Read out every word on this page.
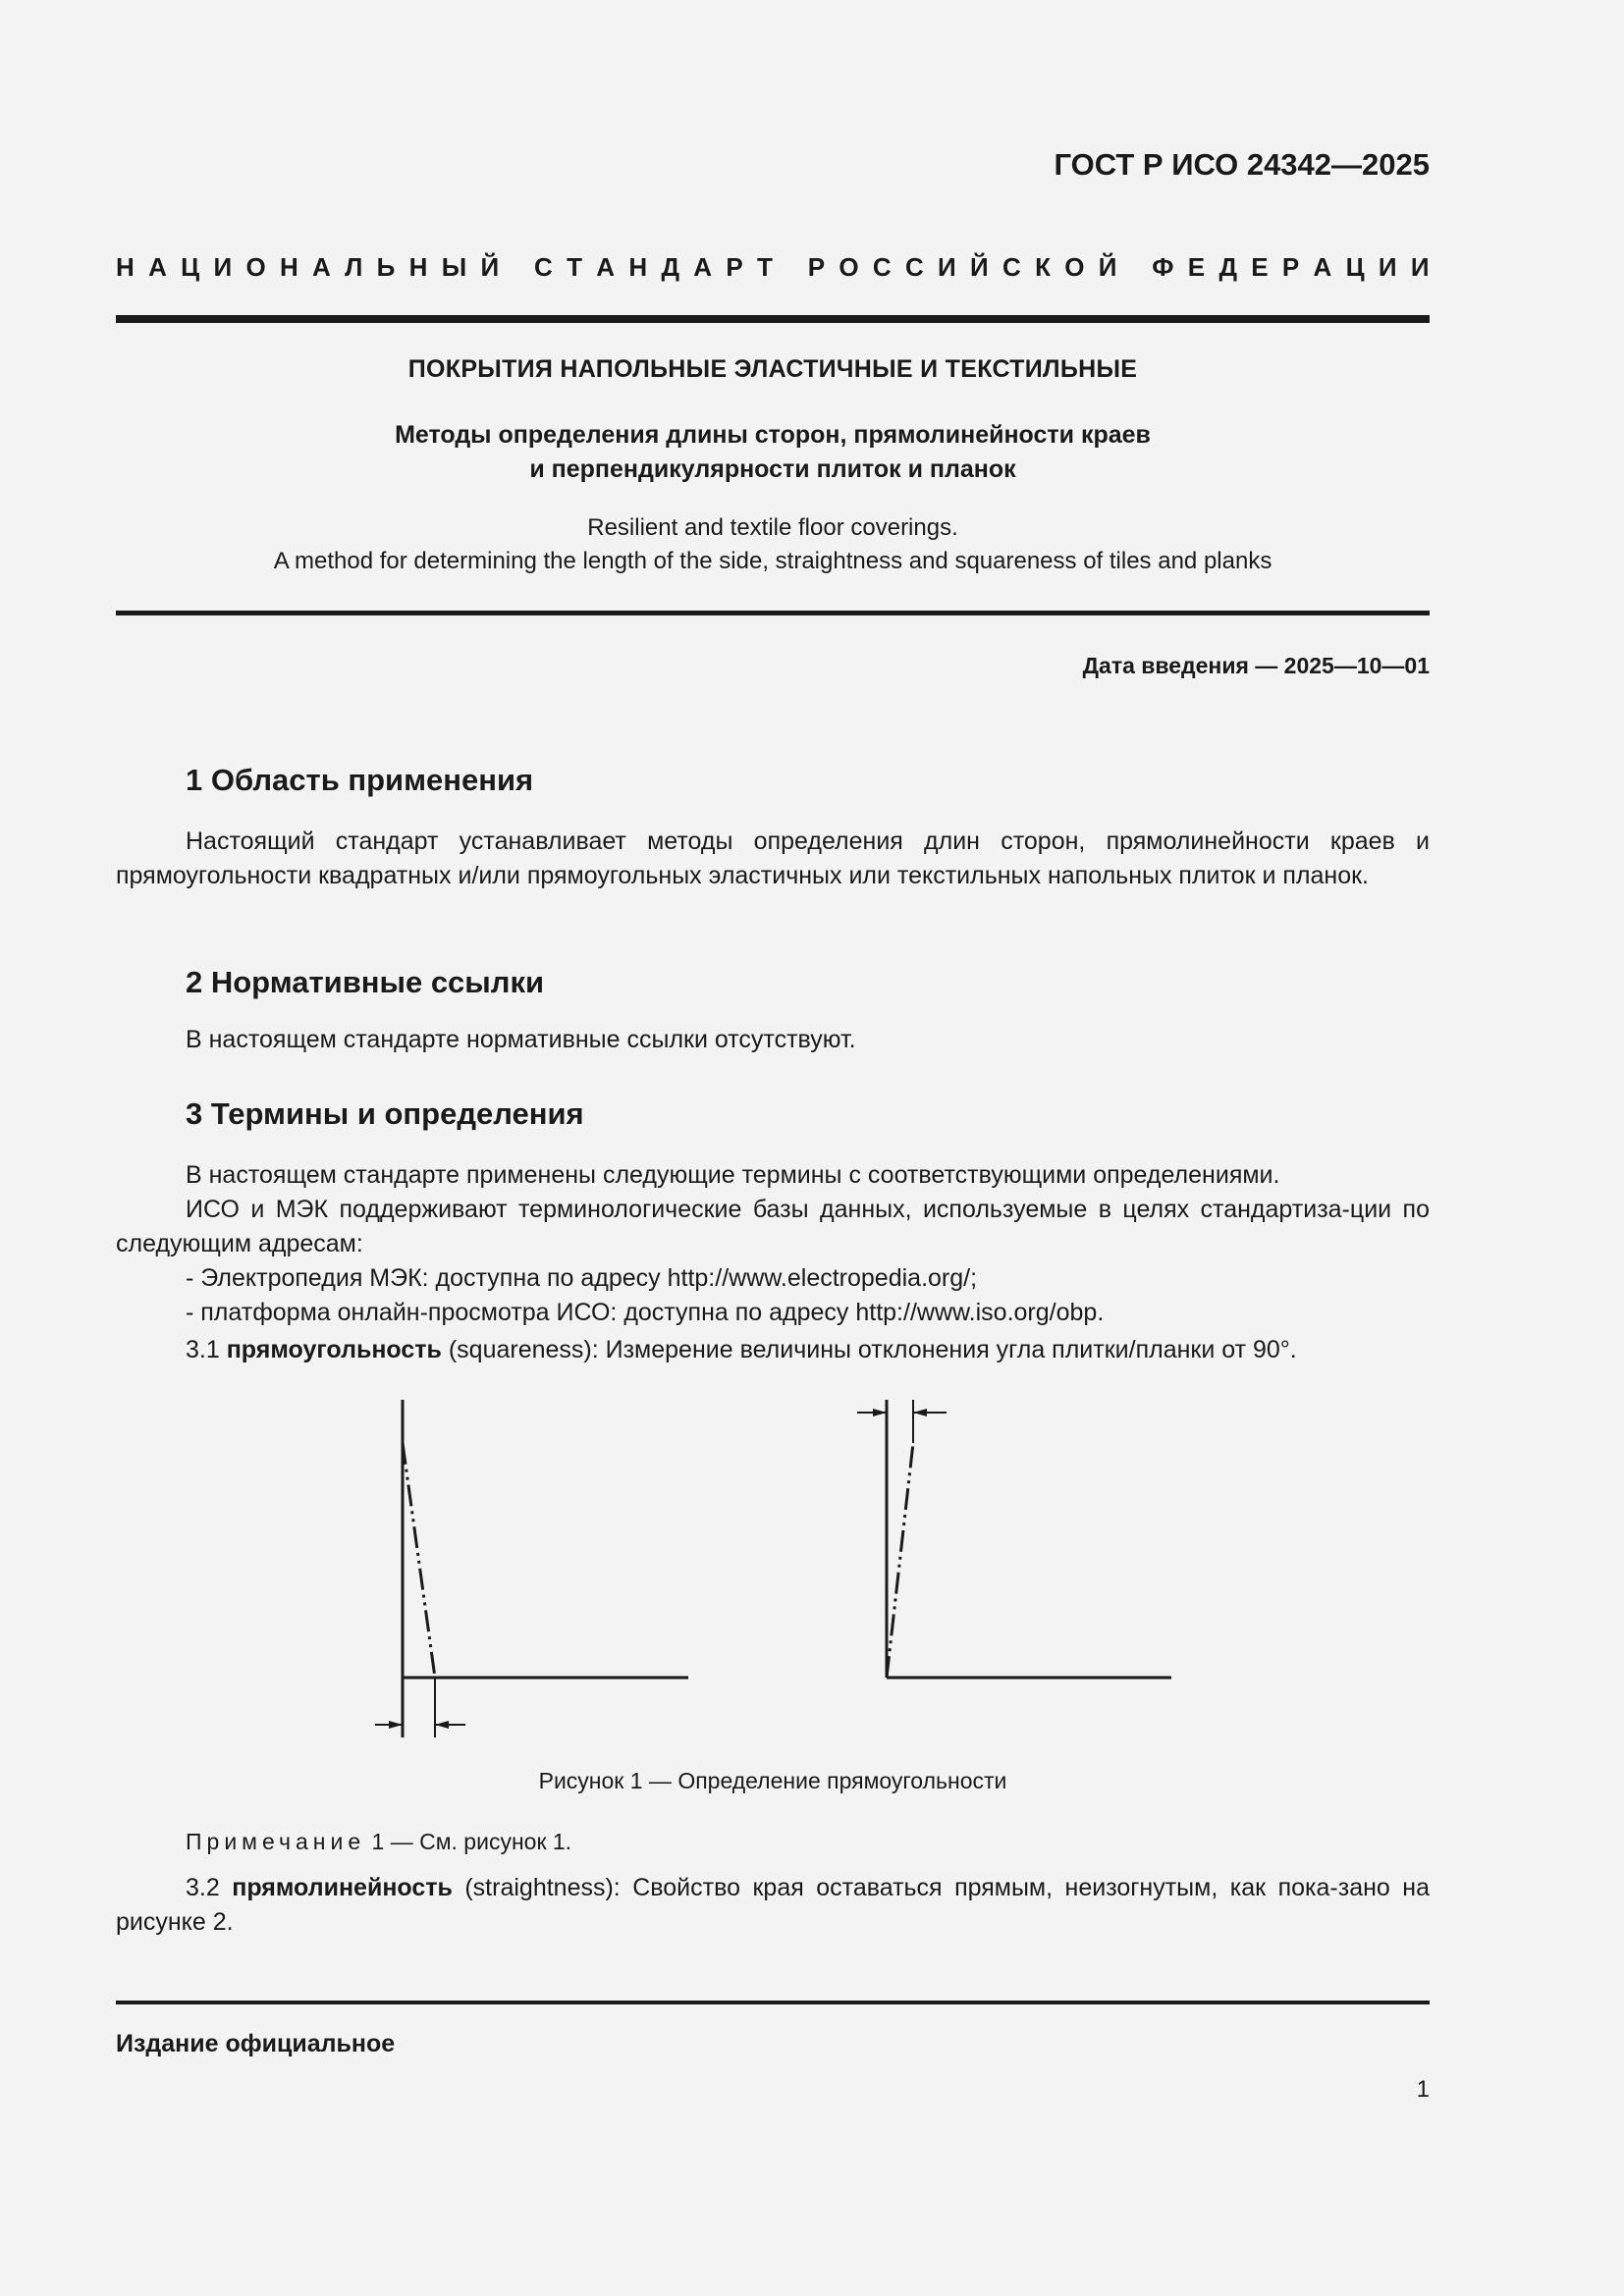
ГОСТ Р ИСО 24342—2025
Н А Ц И О Н А Л Ь Н Ы Й
С Т А Н Д А Р Т
Р О С С И Й С К О Й
Ф Е Д Е Р А Ц И И
ПОКРЫТИЯ НАПОЛЬНЫЕ ЭЛАСТИЧНЫЕ И ТЕКСТИЛЬНЫЕ
Методы определения длины сторон, прямолинейности краев
и перпендикулярности плиток и планок
Resilient and textile floor coverings.
A method for determining the length of the side, straightness and squareness of tiles and planks
Дата введения — 2025—10—01
1 Область применения
Настоящий стандарт устанавливает методы определения длин сторон, прямолинейности краев и прямоугольности квадратных и/или прямоугольных эластичных или текстильных напольных плиток и планок.
2 Нормативные ссылки
В настоящем стандарте нормативные ссылки отсутствуют.
3 Термины и определения
В настоящем стандарте применены следующие термины с соответствующими определениями.
ИСО и МЭК поддерживают терминологические базы данных, используемые в целях стандартиза-ции по следующим адресам:
- Электропедия МЭК: доступна по адресу http://www.electropedia.org/;
- платформа онлайн-просмотра ИСО: доступна по адресу http://www.iso.org/obp.
3.1 прямоугольность (squareness): Измерение величины отклонения угла плитки/планки от 90°.
Рисунок 1 — Определение прямоугольности
Примечание 1 — См. рисунок 1.
3.2 прямолинейность (straightness): Свойство края оставаться прямым, неизогнутым, как пока-зано на рисунке 2.
Издание официальное
1
